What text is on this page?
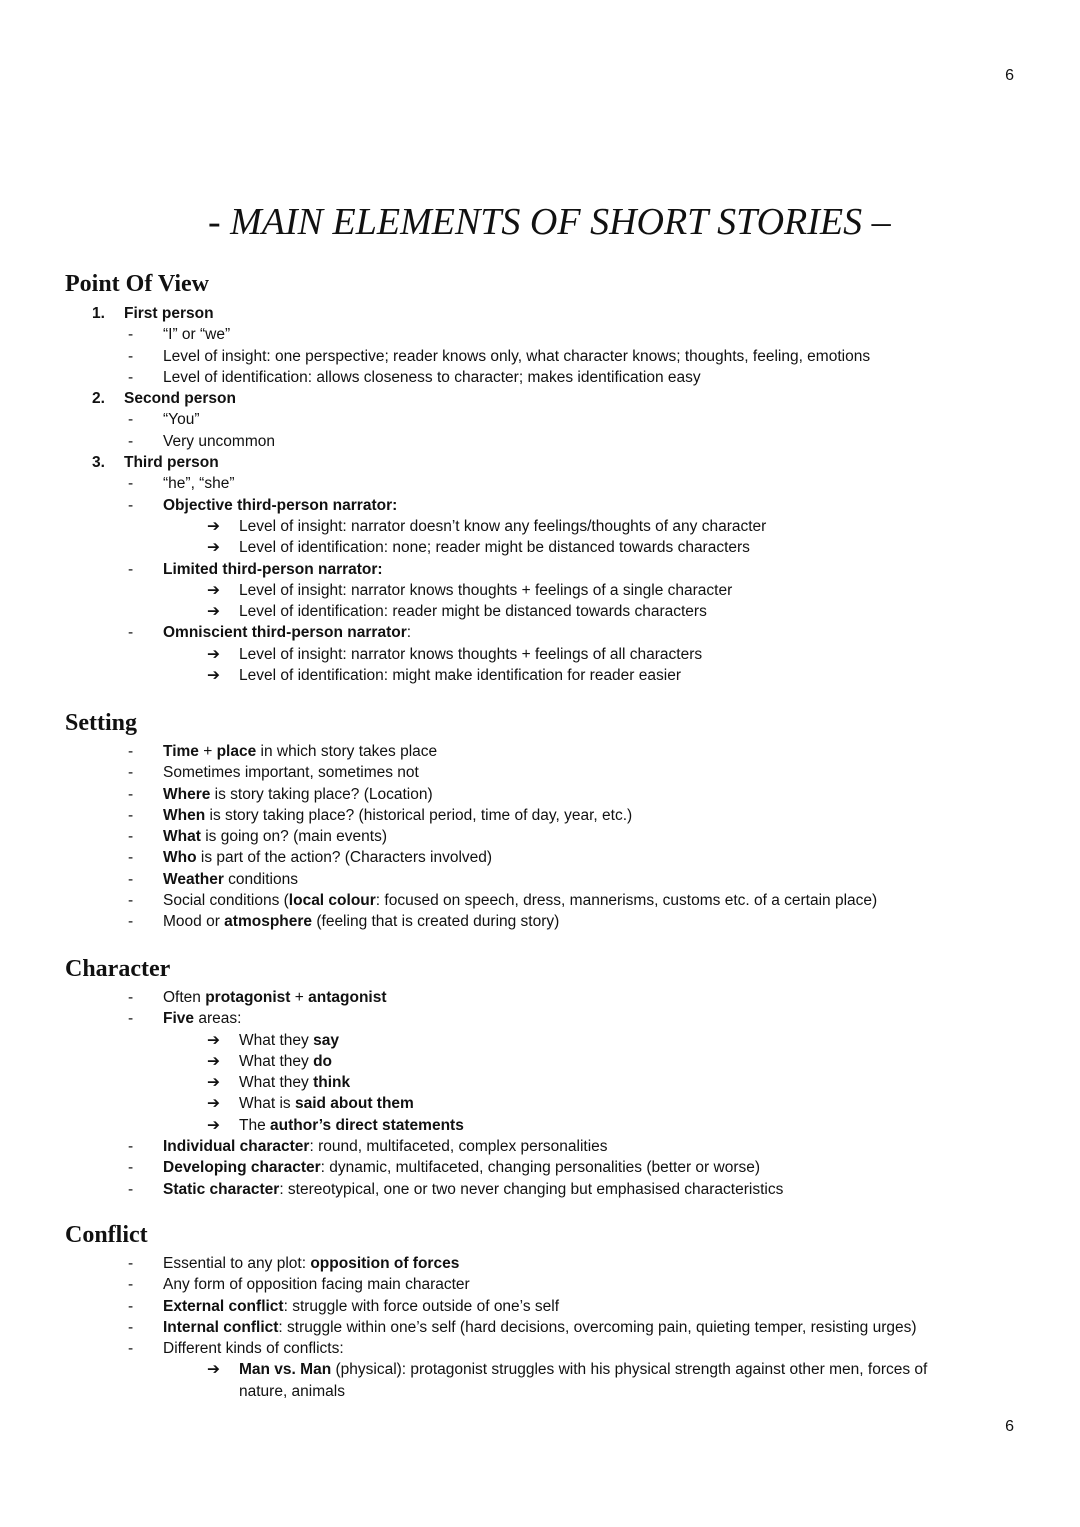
6
- MAIN ELEMENTS OF SHORT STORIES –
Point Of View
1. First person
- “I” or “we”
- Level of insight: one perspective; reader knows only, what character knows; thoughts, feeling, emotions
- Level of identification: allows closeness to character; makes identification easy
2. Second person
- “You”
- Very uncommon
3. Third person
- “he”, “she”
- Objective third-person narrator:
➔ Level of insight: narrator doesn’t know any feelings/thoughts of any character
➔ Level of identification: none; reader might be distanced towards characters
- Limited third-person narrator:
➔ Level of insight: narrator knows thoughts + feelings of a single character
➔ Level of identification: reader might be distanced towards characters
- Omniscient third-person narrator:
➔ Level of insight: narrator knows thoughts + feelings of all characters
➔ Level of identification: might make identification for reader easier
Setting
- Time + place in which story takes place
- Sometimes important, sometimes not
- Where is story taking place? (Location)
- When is story taking place? (historical period, time of day, year, etc.)
- What is going on? (main events)
- Who is part of the action? (Characters involved)
- Weather conditions
- Social conditions (local colour: focused on speech, dress, mannerisms, customs etc. of a certain place)
- Mood or atmosphere (feeling that is created during story)
Character
- Often protagonist + antagonist
- Five areas:
➔ What they say
➔ What they do
➔ What they think
➔ What is said about them
➔ The author’s direct statements
- Individual character: round, multifaceted, complex personalities
- Developing character: dynamic, multifaceted, changing personalities (better or worse)
- Static character: stereotypical, one or two never changing but emphasised characteristics
Conflict
- Essential to any plot: opposition of forces
- Any form of opposition facing main character
- External conflict: struggle with force outside of one’s self
- Internal conflict: struggle within one’s self (hard decisions, overcoming pain, quieting temper, resisting urges)
- Different kinds of conflicts:
➔ Man vs. Man (physical): protagonist struggles with his physical strength against other men, forces of
nature, animals
6
